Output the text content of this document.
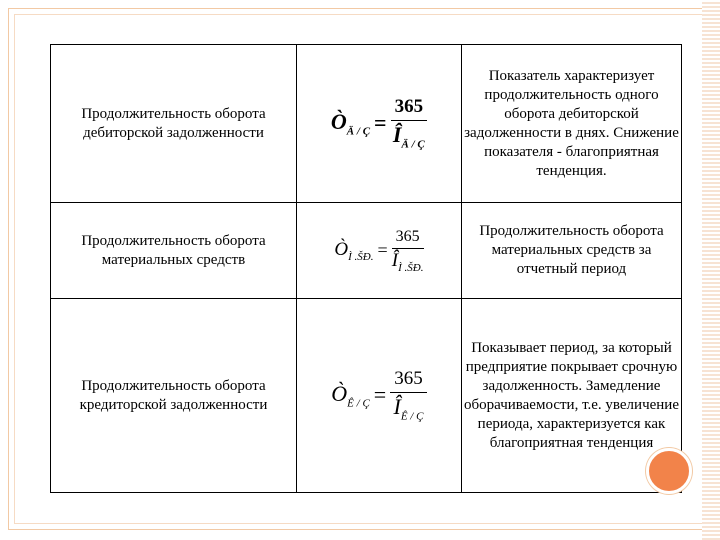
Продолжительность оборота дебиторской задолженности	$Ò_{Ä / Ç} = \frac{365}{Î_{Ä / Ç}}$	Показатель характеризует продолжительность одного оборота дебиторской задолженности в днях. Снижение показателя - благоприятная тенденция.
Продолжительность оборота материальных средств	$Ò_{Ì .ŠÐ.} = \frac{365}{Î_{Ì .ŠÐ.}}$	Продолжительность оборота материальных средств за отчетный период
Продолжительность оборота кредиторской задолженности	$Ò_{Ê / Ç} = \frac{365}{Î_{Ê / Ç}}$	Показывает период, за который предприятие покрывает срочную задолженность. Замедление оборачиваемости, т.е. увеличение периода, характеризуется как благоприятная тенденция
